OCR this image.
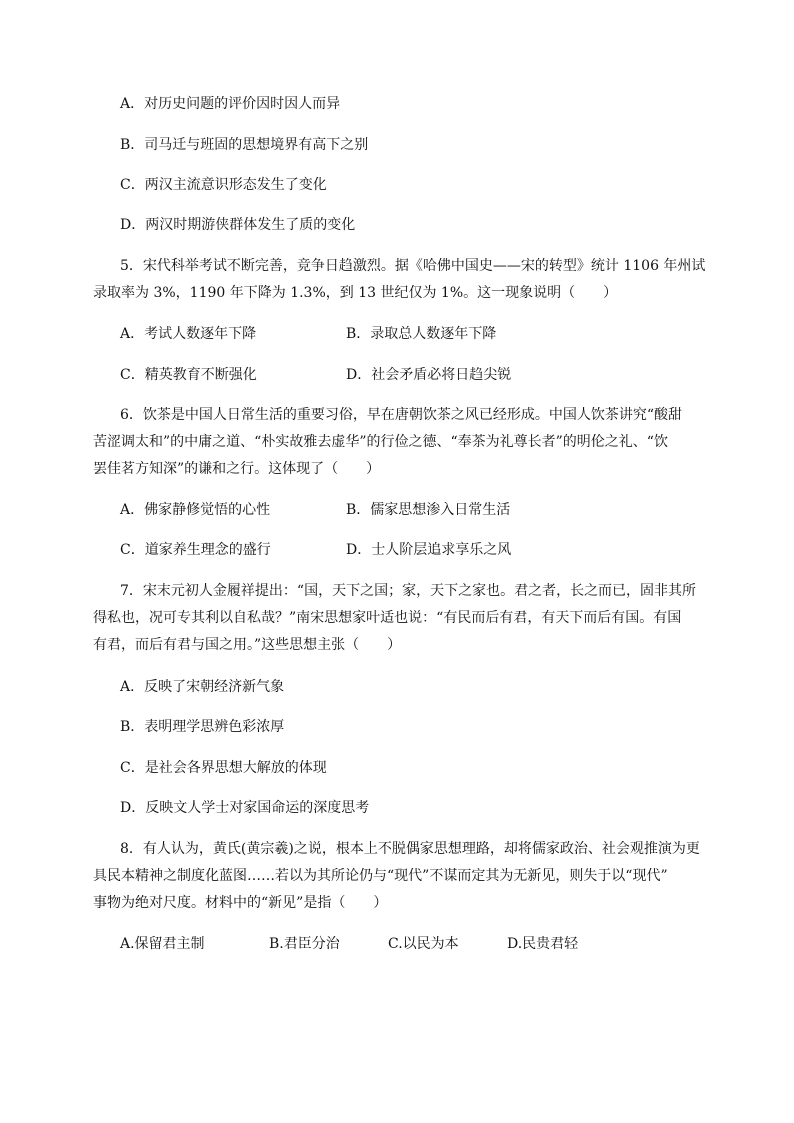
A．对历史问题的评价因时因人而异
B．司马迁与班固的思想境界有高下之别
C．两汉主流意识形态发生了变化
D．两汉时期游侠群体发生了质的变化
5．宋代科举考试不断完善，竞争日趋激烈。据《哈佛中国史——宋的转型》统计 1106 年州试
录取率为 3%，1190 年下降为 1.3%，到 13 世纪仅为 1%。这一现象说明（　　）
A．考试人数逐年下降	B．录取总人数逐年下降
C．精英教育不断强化	D．社会矛盾必将日趋尖锐
6．饮茶是中国人日常生活的重要习俗，早在唐朝饮茶之风已经形成。中国人饮茶讲究“酸甜
苦涩调太和”的中庸之道、“朴实故雅去虚华”的行俭之德、“奉茶为礼尊长者”的明伦之礼、“饮
罢佳茗方知深”的谦和之行。这体现了（　　）
A．佛家静修觉悟的心性	B．儒家思想渗入日常生活
C．道家养生理念的盛行	D．士人阶层追求享乐之风
7．宋末元初人金履祥提出：“国，天下之国；家，天下之家也。君之者，长之而已，固非其所
得私也，况可专其利以自私哉？”南宋思想家叶适也说：“有民而后有君，有天下而后有国。有国
有君，而后有君与国之用。”这些思想主张（　　）
A．反映了宋朝经济新气象
B．表明理学思辨色彩浓厚
C．是社会各界思想大解放的体现
D．反映文人学士对家国命运的深度思考
8．有人认为，黄氏(黄宗羲)之说，根本上不脱偶家思想理路，却将儒家政治、社会观推演为更
具民本精神之制度化蓝图……若以为其所论仍与“现代”不谋而定其为无新见，则失于以“现代”
事物为绝对尺度。材料中的“新见”是指（　　）
A.保留君主制	B.君臣分治	C.以民为本	D.民贵君轻
